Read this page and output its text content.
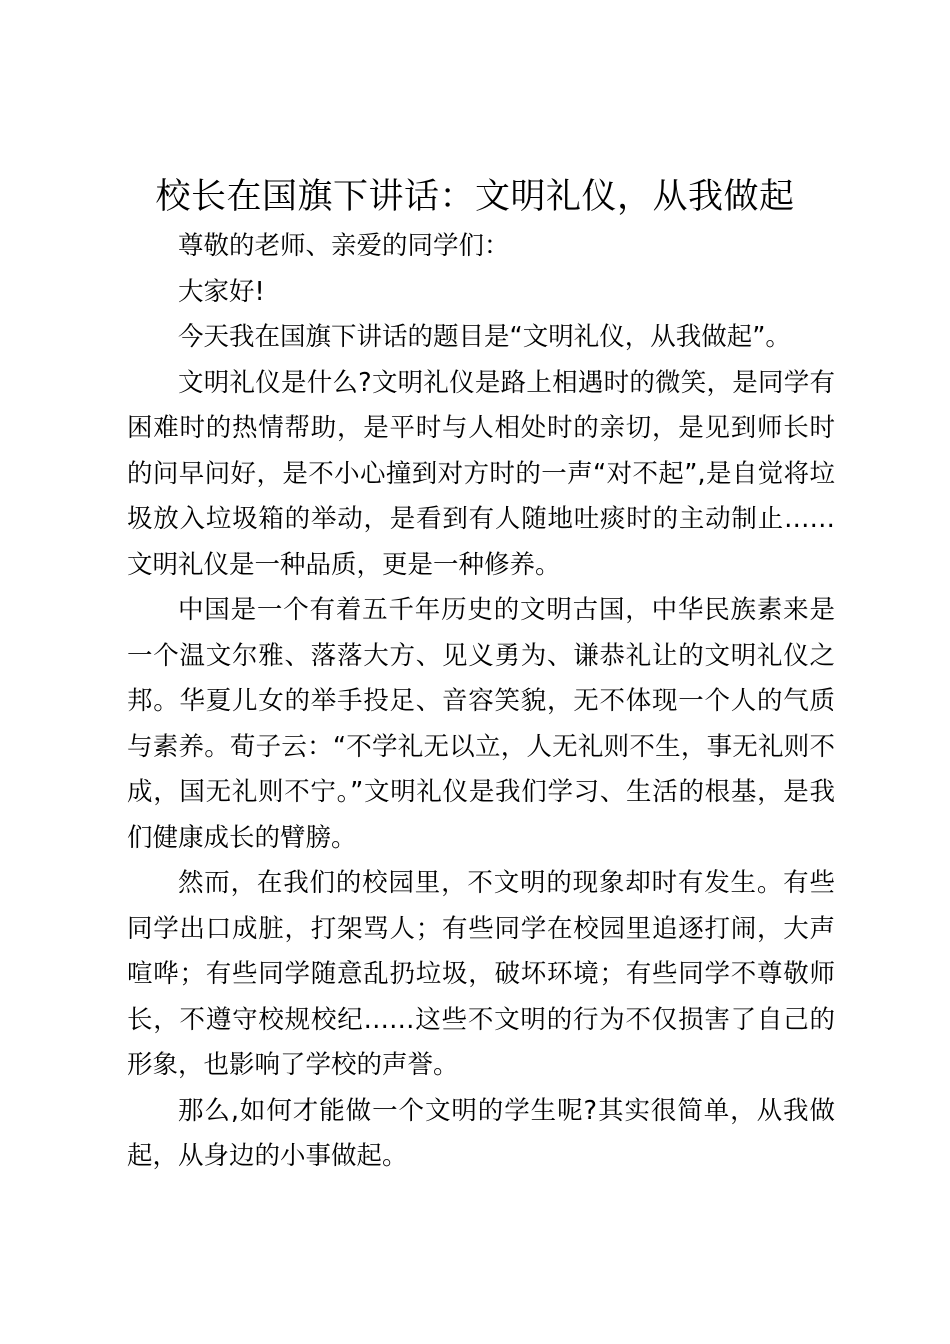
校长在国旗下讲话：文明礼仪，从我做起

尊敬的老师、亲爱的同学们：

大家好!

今天我在国旗下讲话的题目是“文明礼仪，从我做起”。

文明礼仪是什么?文明礼仪是路上相遇时的微笑，是同学有困难时的热情帮助，是平时与人相处时的亲切，是见到师长时的问早问好，是不小心撞到对方时的一声“对不起”,是自觉将垃圾放入垃圾箱的举动，是看到有人随地吐痰时的主动制止……文明礼仪是一种品质，更是一种修养。

中国是一个有着五千年历史的文明古国，中华民族素来是一个温文尔雅、落落大方、见义勇为、谦恭礼让的文明礼仪之邦。华夏儿女的举手投足、音容笑貌，无不体现一个人的气质与素养。荀子云：“不学礼无以立，人无礼则不生，事无礼则不成，国无礼则不宁。”文明礼仪是我们学习、生活的根基，是我们健康成长的臂膀。

然而，在我们的校园里，不文明的现象却时有发生。有些同学出口成脏，打架骂人；有些同学在校园里追逐打闹，大声喧哗；有些同学随意乱扔垃圾，破坏环境；有些同学不尊敬师长，不遵守校规校纪……这些不文明的行为不仅损害了自己的形象，也影响了学校的声誉。

那么,如何才能做一个文明的学生呢?其实很简单，从我做起，从身边的小事做起。
